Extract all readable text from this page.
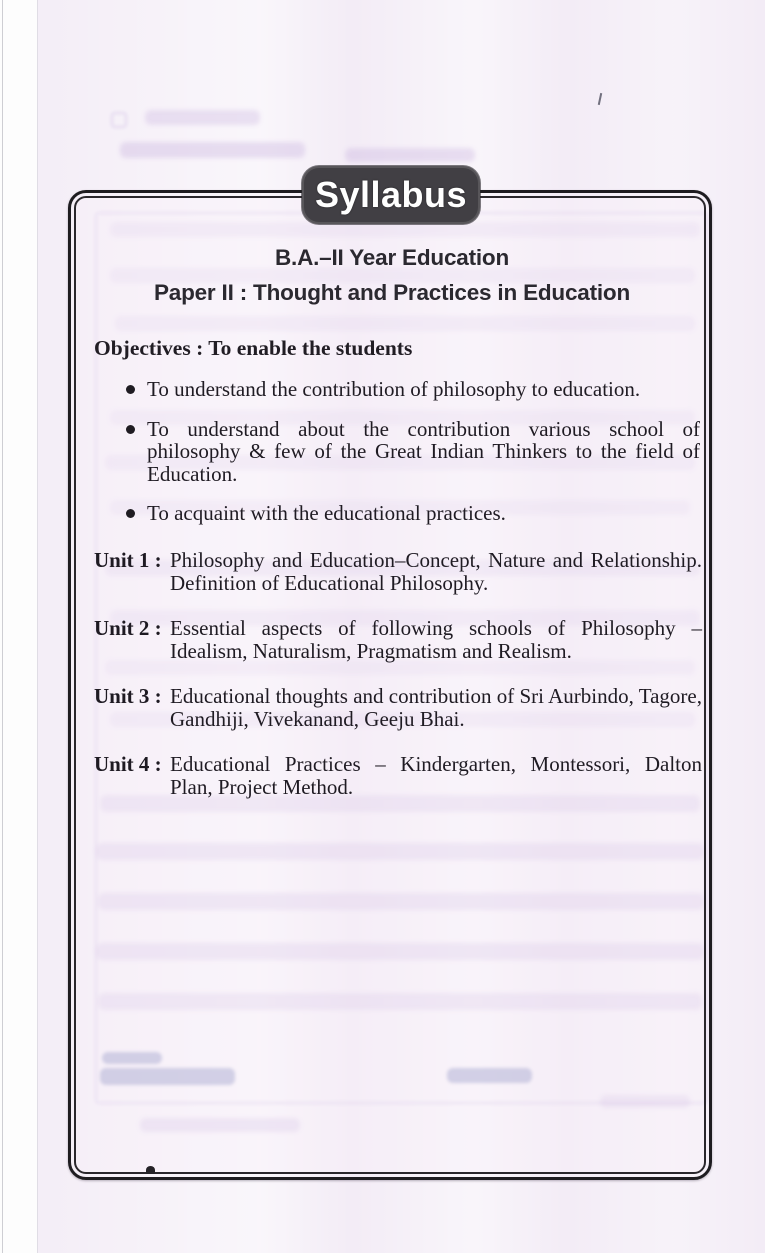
B.A.–II Year Education
Paper II : Thought and Practices in Education
Objectives : To enable the students
To understand the contribution of philosophy to education.
To understand about the contribution various school of philosophy & few of the Great Indian Thinkers to the field of Education.
To acquaint with the educational practices.
Unit 1 : Philosophy and Education–Concept, Nature and Relationship. Definition of Educational Philosophy.
Unit 2 : Essential aspects of following schools of Philosophy – Idealism, Naturalism, Pragmatism and Realism.
Unit 3 : Educational thoughts and contribution of Sri Aurbindo, Tagore, Gandhiji, Vivekanand, Geeju Bhai.
Unit 4 : Educational Practices – Kindergarten, Montessori, Dalton Plan, Project Method.
Syllabus
